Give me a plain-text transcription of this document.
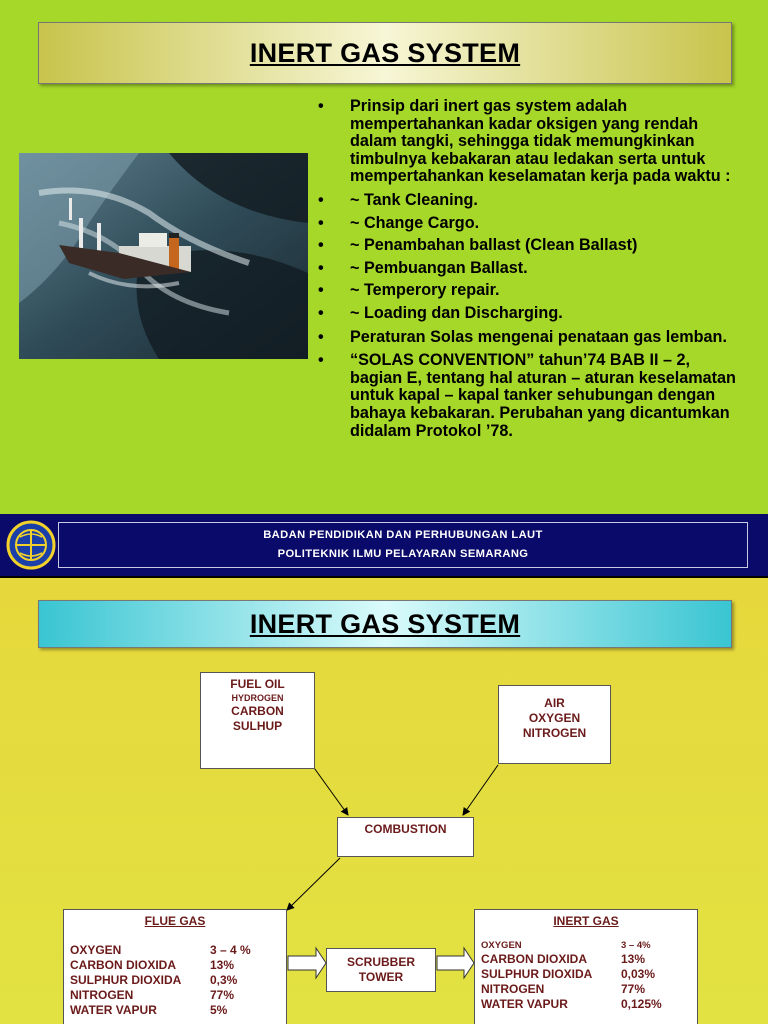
INERT GAS SYSTEM
• Prinsip dari inert gas system adalah mempertahankan kadar oksigen yang rendah dalam tangki, sehingga tidak memungkinkan timbulnya kebakaran atau ledakan serta untuk mempertahankan keselamatan kerja pada waktu :
• ~ Tank Cleaning.
• ~ Change Cargo.
• ~ Penambahan ballast (Clean Ballast)
• ~ Pembuangan Ballast.
• ~ Temperory repair.
• ~ Loading dan Discharging.
• Peraturan Solas mengenai penataan gas lemban.
• “SOLAS CONVENTION” tahun’74 BAB II – 2, bagian E, tentang hal aturan – aturan keselamatan untuk kapal – kapal tanker sehubungan dengan bahaya kebakaran. Perubahan yang dicantumkan didalam Protokol ’78.
BADAN PENDIDIKAN DAN PERHUBUNGAN LAUT
POLITEKNIK ILMU PELAYARAN SEMARANG
INERT GAS SYSTEM
FUEL OIL
HYDROGEN
CARBON
SULHUP
AIR
OXYGEN
NITROGEN
COMBUSTION
SCRUBBER
TOWER
FLUE GAS
OXYGEN	3 – 4 %
CARBON DIOXIDA	13%
SULPHUR DIOXIDA	0,3%
NITROGEN	77%
WATER VAPUR	5%
INERT GAS
OXYGEN	3 – 4%
CARBON DIOXIDA	13%
SULPHUR DIOXIDA	0,03%
NITROGEN	77%
WATER VAPUR	0,125%
